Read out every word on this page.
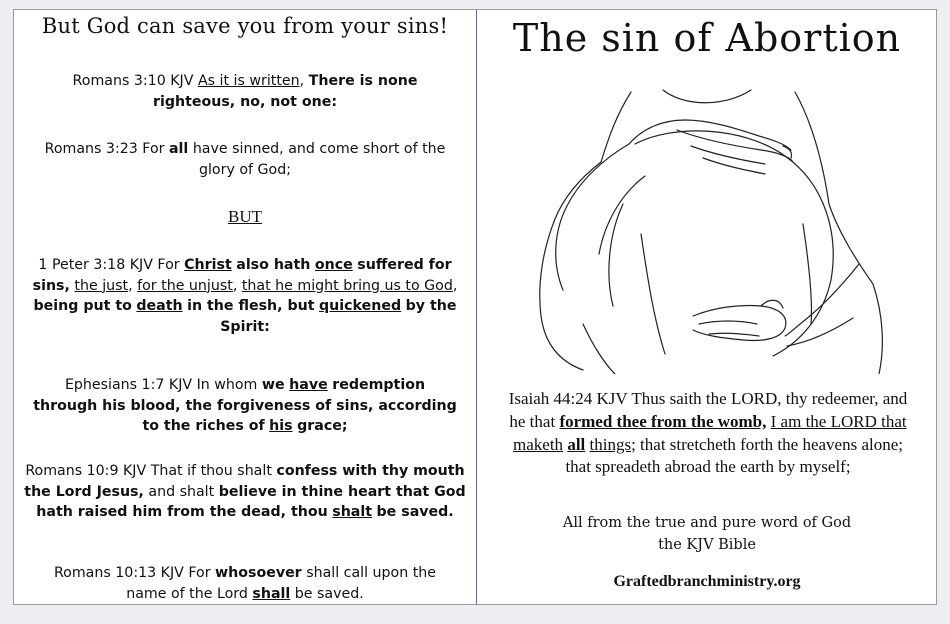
But God can save you from your sins!
Romans 3:10 KJV As it is written, There is none righteous, no, not one:
Romans 3:23 For all have sinned, and come short of the glory of God;
BUT
1 Peter 3:18 KJV For Christ also hath once suffered for sins, the just, for the unjust, that he might bring us to God, being put to death in the flesh, but quickened by the Spirit:
Ephesians 1:7 KJV In whom we have redemption through his blood, the forgiveness of sins, according to the riches of his grace;
Romans 10:9 KJV That if thou shalt confess with thy mouth the Lord Jesus, and shalt believe in thine heart that God hath raised him from the dead, thou shalt be saved.
Romans 10:13 KJV For whosoever shall call upon the name of the Lord shall be saved.
The sin of Abortion
Isaiah 44:24 KJV Thus saith the LORD, thy redeemer, and he that formed thee from the womb, I am the LORD that maketh all things; that stretcheth forth the heavens alone; that spreadeth abroad the earth by myself;
All from the true and pure word of God
the KJV Bible
Graftedbranchministry.org
